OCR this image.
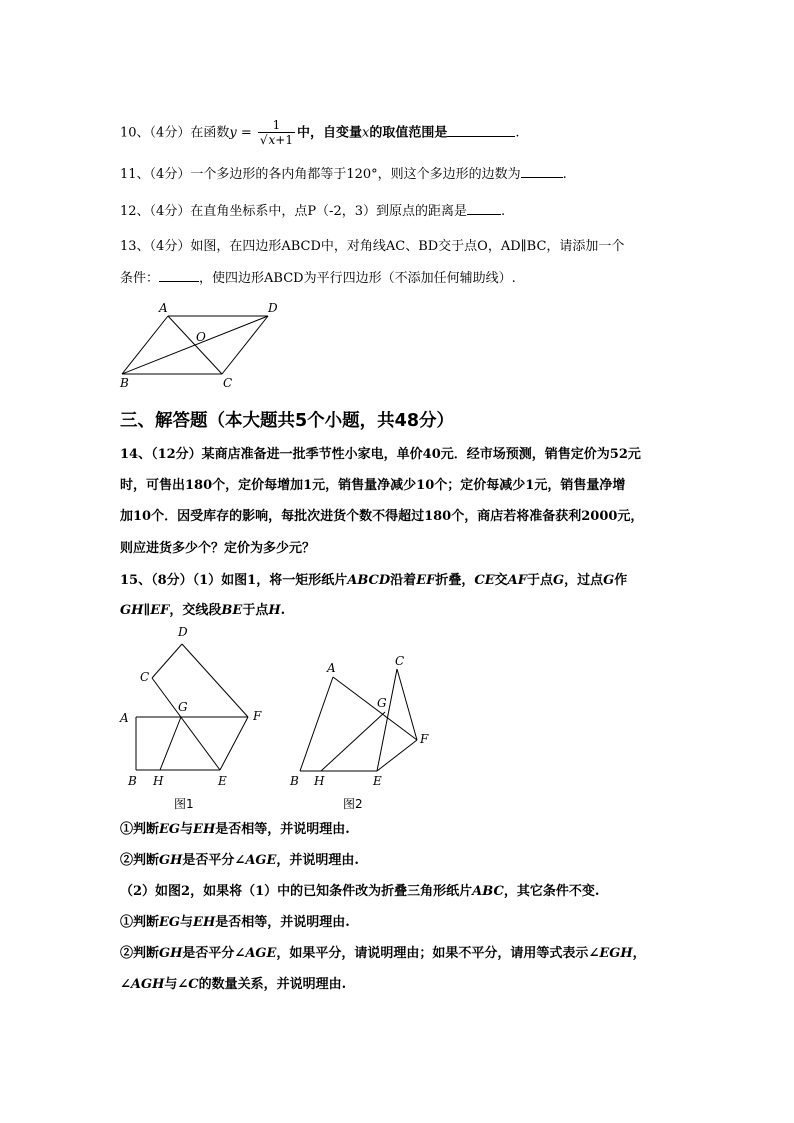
10、（4分）在函数$y = \frac{1}{√x+1}$ 中，自变量x的取值范围是	.
11、（4分）一个多边形的各内角都等于120°，则这个多边形的边数为	.
12、（4分）在直角坐标系中，点P（-2，3）到原点的距离是	.
13、（4分）如图，在四边形ABCD中，对角线AC、BD交于点O，AD∥BC，请添加一个
条件：	，使四边形ABCD为平行四边形（不添加任何辅助线）.
A	D
O
B	C
三、解答题（本大题共5个小题，共48分）
14、（12分）某商店准备进一批季节性小家电，单价40元．经市场预测，销售定价为52元
时，可售出180个，定价每增加1元，销售量净减少10个；定价每减少1元，销售量净增
加10个．因受库存的影响，每批次进货个数不得超过180个，商店若将准备获利2000元，
则应进货多少个？定价为多少元？
15、（8分）（1）如图1，将一矩形纸片ABCD沿着EF折叠，CE交AF于点G，过点G作
GH∥EF，交线段BE于点H.
D
C
A
G
F
B H	E
图1
A	C
G
F
B H	E
图2
①判断EG与EH是否相等，并说明理由.
②判断GH是否平分∠AGE，并说明理由.
（2）如图2，如果将（1）中的已知条件改为折叠三角形纸片ABC，其它条件不变.
①判断EG与EH是否相等，并说明理由.
②判断GH是否平分∠AGE，如果平分，请说明理由；如果不平分，请用等式表示∠EGH，
∠AGH与∠C的数量关系，并说明理由.
